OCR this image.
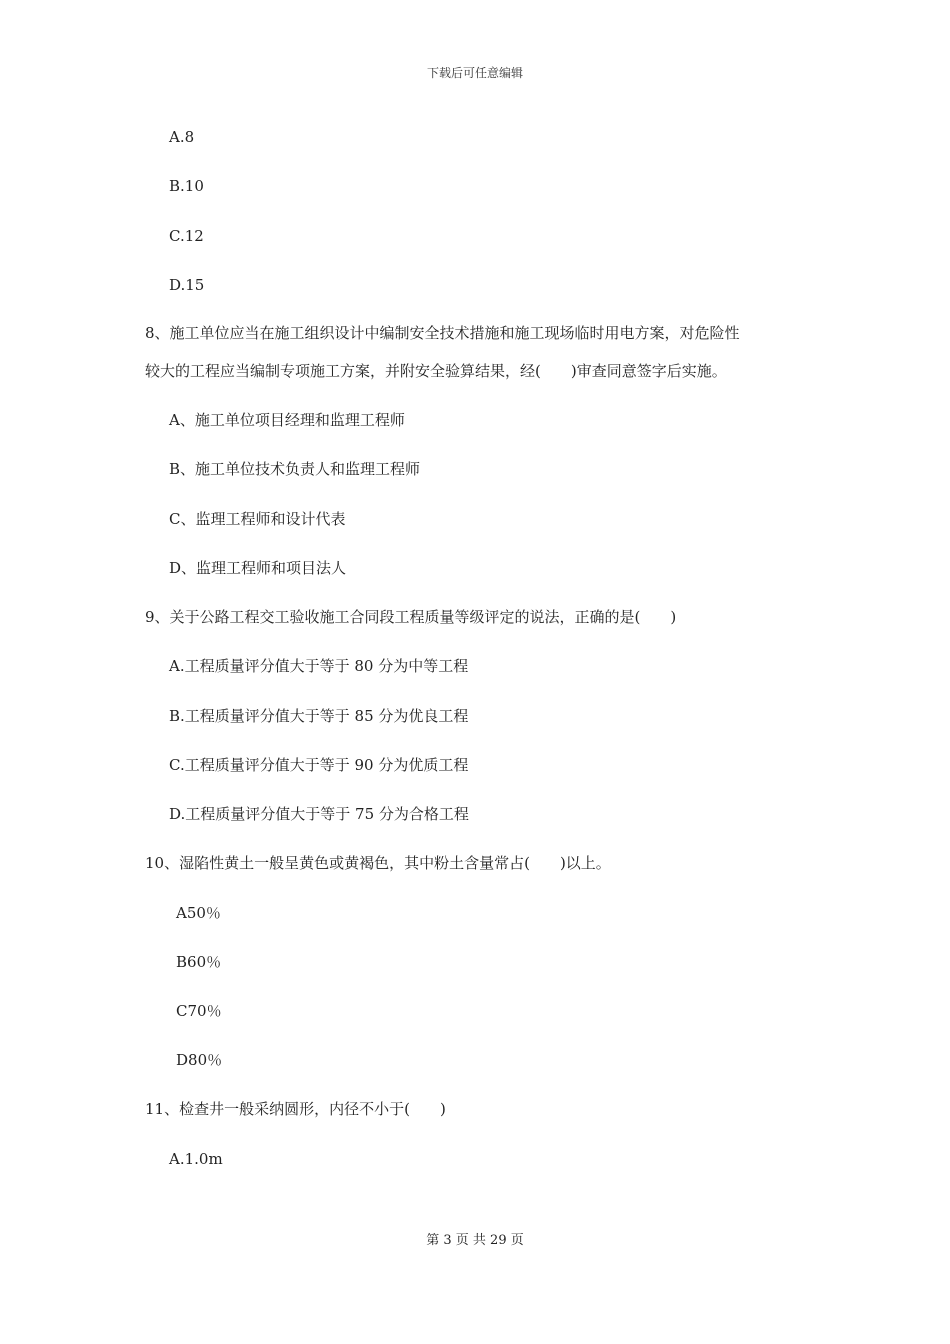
下载后可任意编辑
A.8
B.10
C.12
D.15
8、施工单位应当在施工组织设计中编制安全技术措施和施工现场临时用电方案，对危险性
较大的工程应当编制专项施工方案，并附安全验算结果，经(　　)审查同意签字后实施。
A、施工单位项目经理和监理工程师
B、施工单位技术负责人和监理工程师
C、监理工程师和设计代表
D、监理工程师和项目法人
9、关于公路工程交工验收施工合同段工程质量等级评定的说法，正确的是(　　)
A.工程质量评分值大于等于 80 分为中等工程
B.工程质量评分值大于等于 85 分为优良工程
C.工程质量评分值大于等于 90 分为优质工程
D.工程质量评分值大于等于 75 分为合格工程
10、湿陷性黄土一般呈黄色或黄褐色，其中粉土含量常占(　　)以上。
A50％
B60％
C70％
D80％
11、检查井一般采纳圆形，内径不小于(　　)
A.1.0m
第 3 页 共 29 页
